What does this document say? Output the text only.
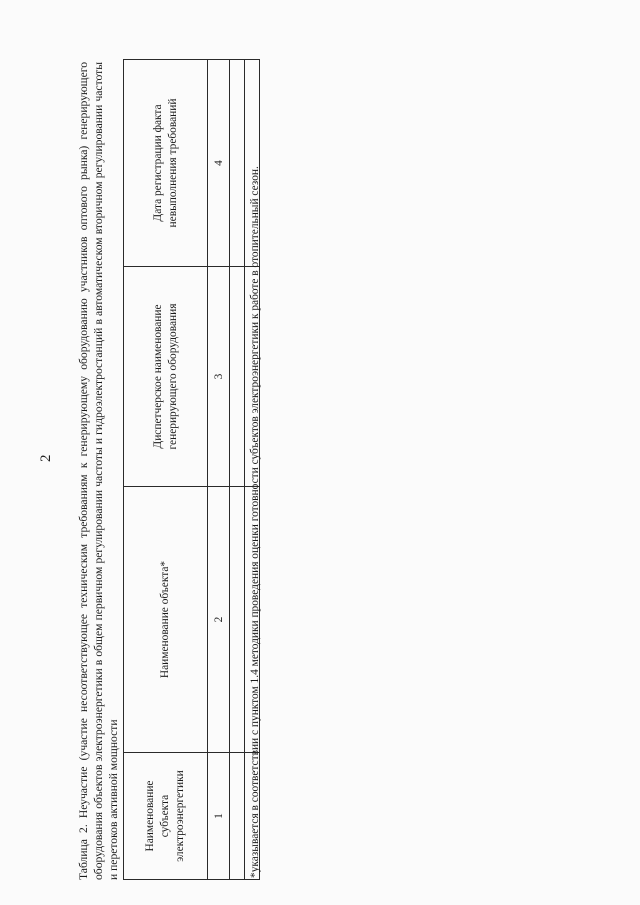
2 Таблица 2. Неучастие (участие несоответствующее техническим требованиям к генерирующему оборудованию участников оптового рынка) генерирующего оборудования объектов электроэнергетики в общем первичном регулировании частоты и гидроэлектростанций в автоматическом вторичном регулировании частоты и перетоков активной мощности Наименование субъекта электроэнергетики	Наименование объекта*	Диспетчерское наименование генерирующего оборудования	Дата регистрации факта невыполнения требований
1	2	3	4

*указывается в соответствии с пунктом 1.4 методики проведения оценки готовности субъектов электроэнергетики к работе в отопительный сезон.
